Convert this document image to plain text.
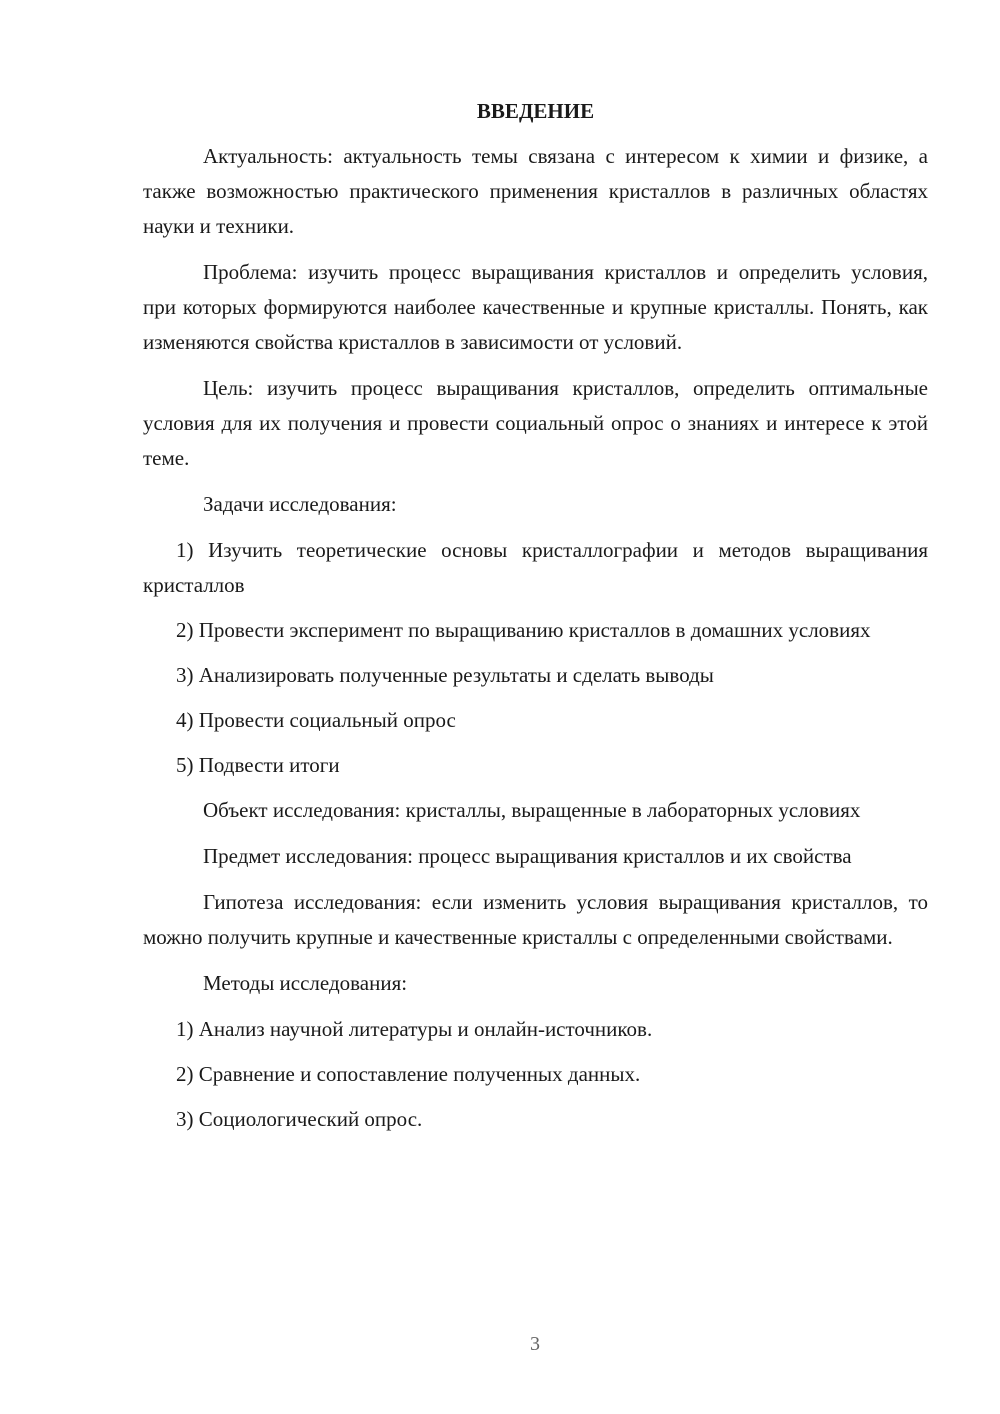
ВВЕДЕНИЕ

Актуальность: актуальность темы связана с интересом к химии и физике, а также возможностью практического применения кристаллов в различных областях науки и техники.

Проблема: изучить процесс выращивания кристаллов и определить условия, при которых формируются наиболее качественные и крупные кристаллы. Понять, как изменяются свойства кристаллов в зависимости от условий.

Цель: изучить процесс выращивания кристаллов, определить оптимальные условия для их получения и провести социальный опрос о знаниях и интересе к этой теме.

Задачи исследования:

1) Изучить теоретические основы кристаллографии и методов выращивания кристаллов

2) Провести эксперимент по выращиванию кристаллов в домашних условиях

3) Анализировать полученные результаты и сделать выводы

4) Провести социальный опрос

5) Подвести итоги

Объект исследования: кристаллы, выращенные в лабораторных условиях

Предмет исследования: процесс выращивания кристаллов и их свойства

Гипотеза исследования: если изменить условия выращивания кристаллов, то можно получить крупные и качественные кристаллы с определенными свойствами.

Методы исследования:

1) Анализ научной литературы и онлайн-источников.

2) Сравнение и сопоставление полученных данных.

3) Социологический опрос.

3
